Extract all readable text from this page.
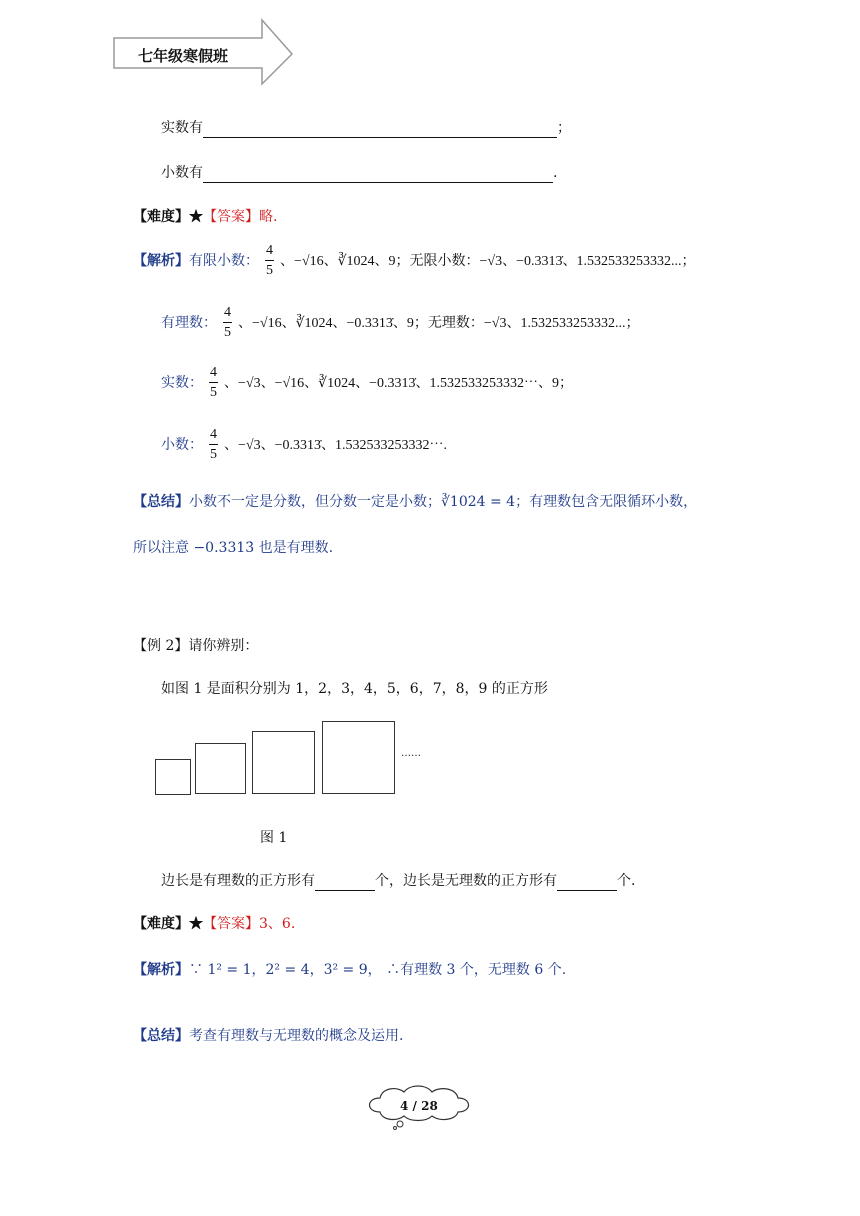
七年级寒假班
实数有	；
小数有	.
【难度】★【答案】略.
【解析】有限小数： $\frac{4}{5}$ 、−√16、∛1024、9；无限小数：−√3、−0.3313̇、1.532533253332...；
有理数： $\frac{4}{5}$ 、−√16、∛1024、−0.3313̇、9；无理数：−√3、1.532533253332...；
实数： $\frac{4}{5}$ 、−√3、−√16、∛1024、−0.3313̇、1.532533253332⋯、9；
小数： $\frac{4}{5}$ 、−√3、−0.3313̇、1.532533253332⋯.
【总结】小数不一定是分数，但分数一定是小数；∛1024 = 4；有理数包含无限循环小数，
所以注意 −0.3313̇ 也是有理数.
【例 2】请你辨别：
如图 1 是面积分别为 1，2，3，4，5，6，7，8，9 的正方形
……
图 1
边长是有理数的正方形有	个，边长是无理数的正方形有	个.
【难度】★【答案】3、6.
【解析】∵ 1² = 1，2² = 4，3² = 9， ∴有理数 3 个，无理数 6 个.
【总结】考查有理数与无理数的概念及运用.
4 / 28
